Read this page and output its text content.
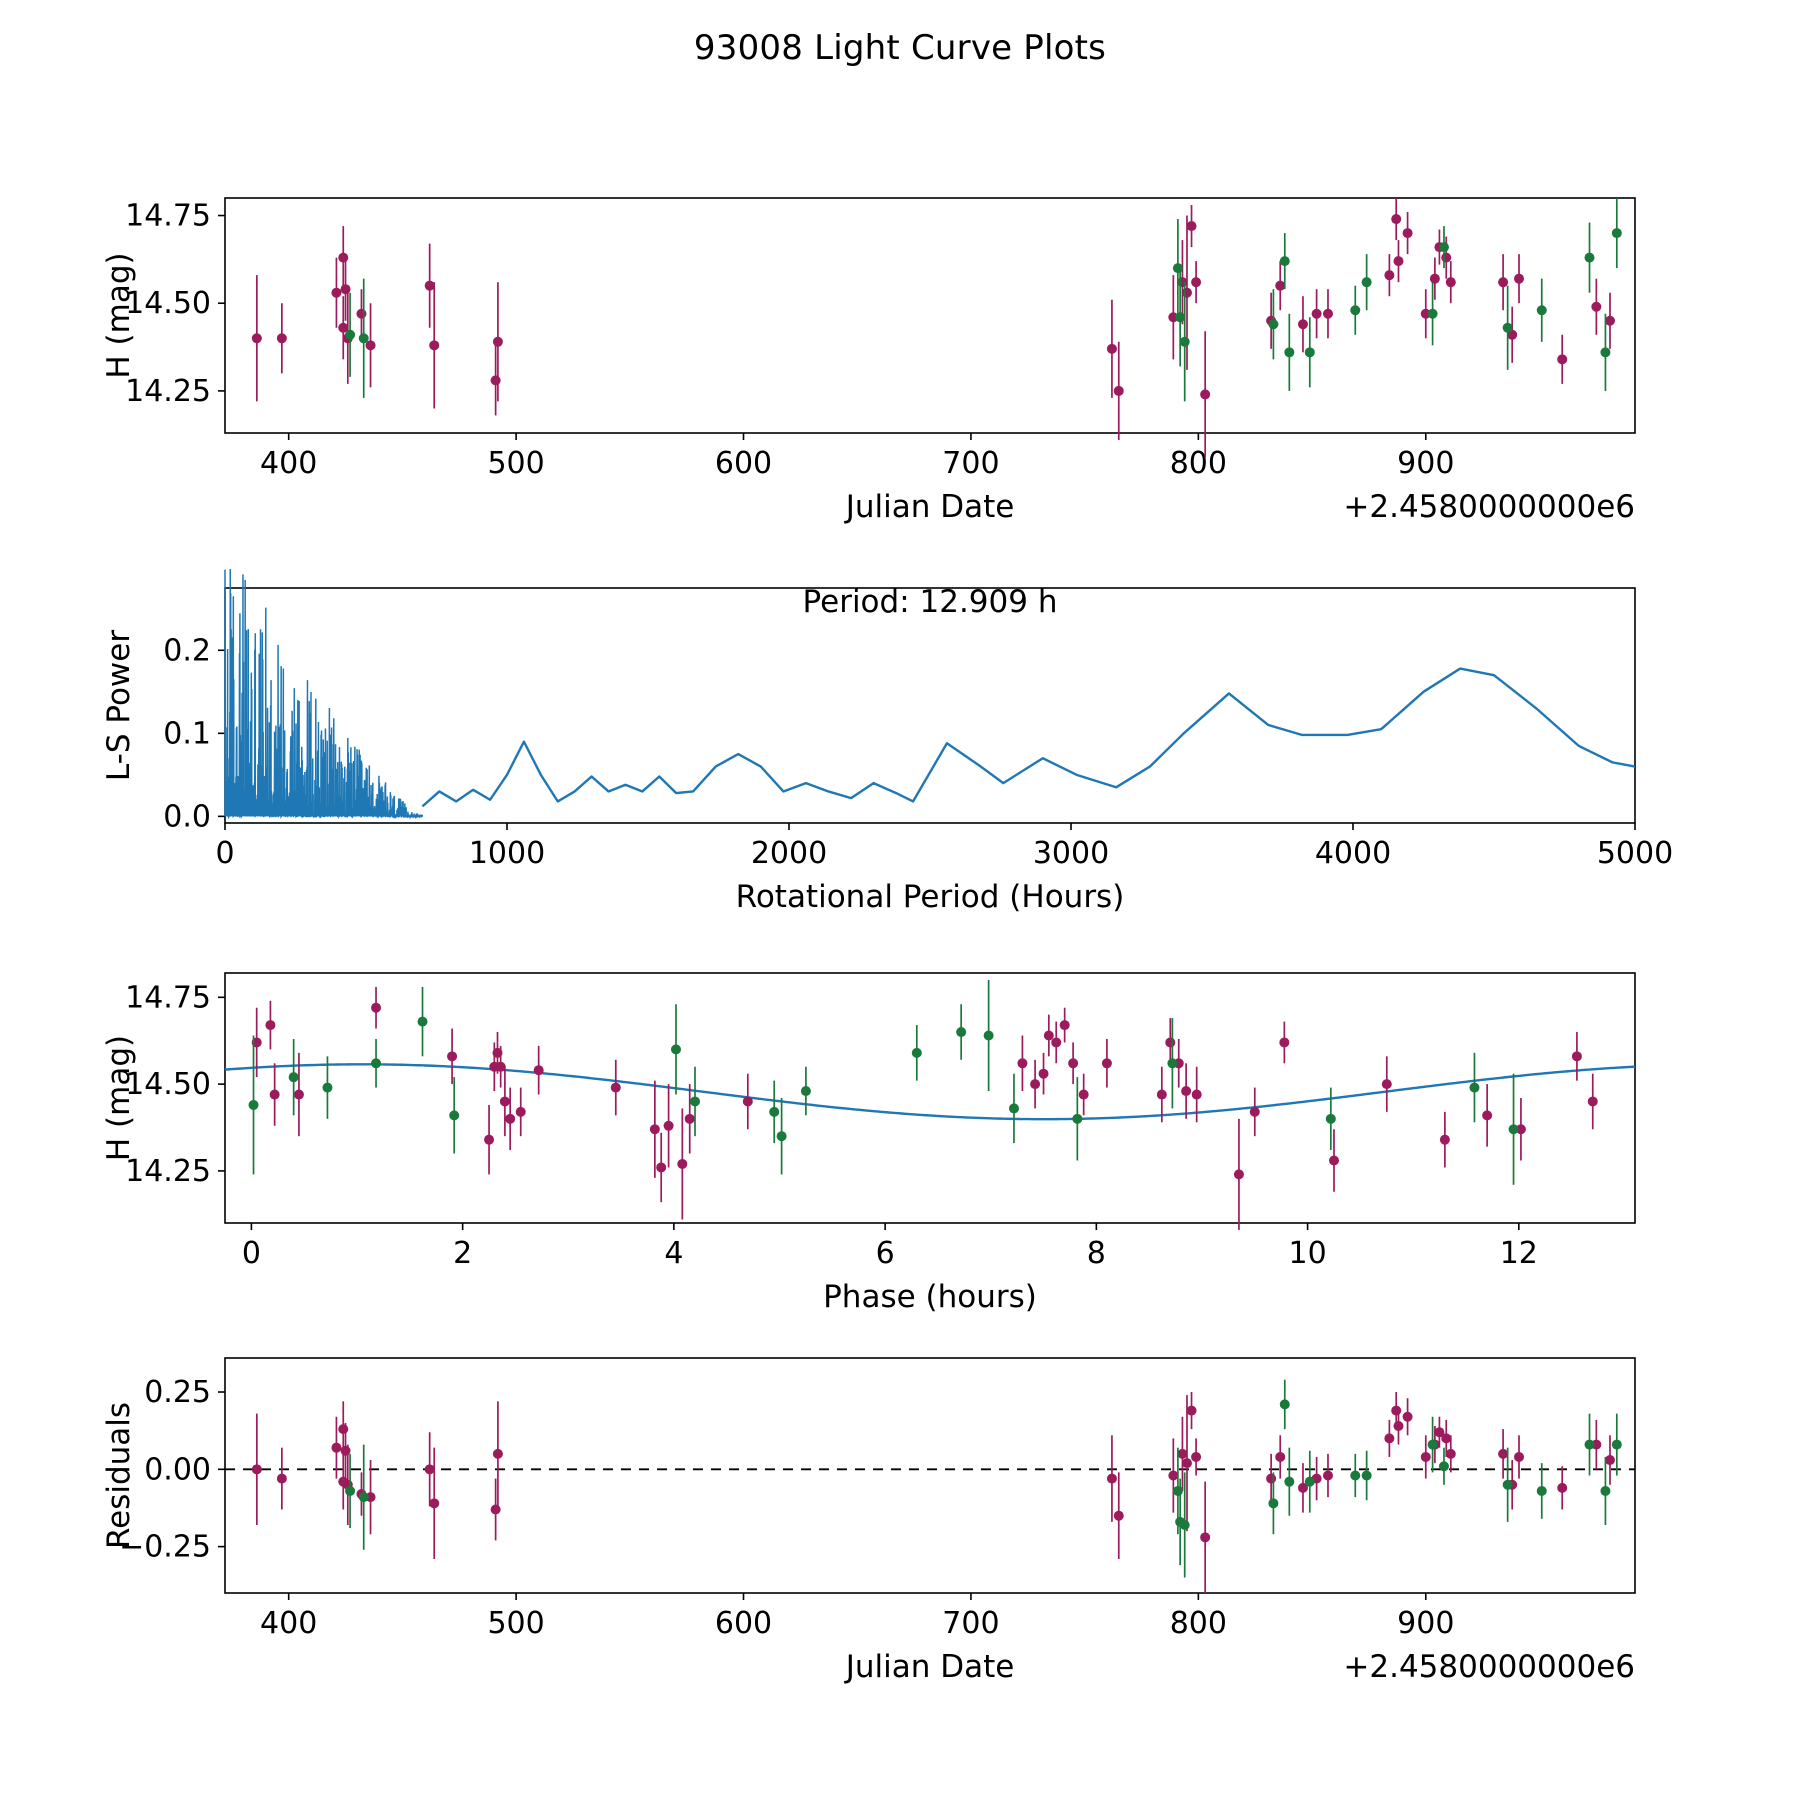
93008 Light Curve Plots
400	500	600	700	800	900
14.25
14.50
14.75
Julian Date	+2.4580000000e6
H (mag)
0	1000	2000	3000	4000	5000
0.0
0.1
0.2
Rotational Period (Hours)
L-S Power
Period: 12.909 h
0	2	4	6	8	10	12
14.25
14.50
14.75
Phase (hours)
H (mag)
400	500	600	700	800	900
−0.25
0.00
0.25
Julian Date	+2.4580000000e6
Residuals
